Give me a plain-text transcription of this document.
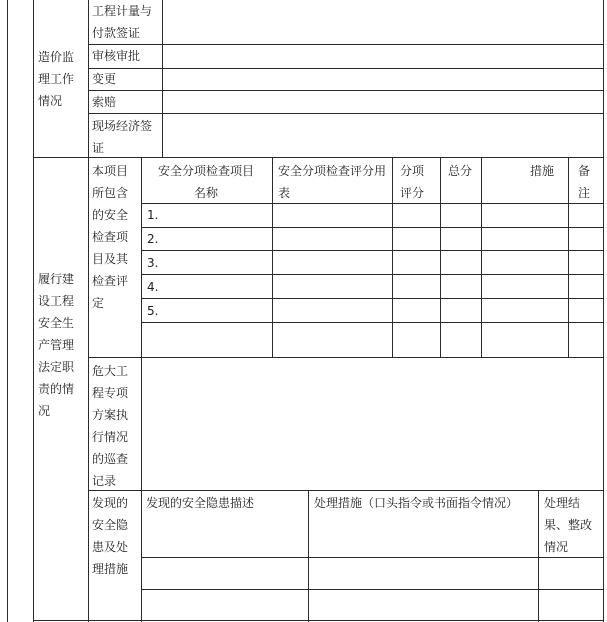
造价监
理工作
情况
工程计量与
付款签证
审核审批
变更
索赔
现场经济签
证
履行建
设工程
安全生
产管理
法定职
责的情
况
本项目
所包含
的安全
检查项
目及其
检查评
定
安全分项检查项目
名称
安全分项检查评分用
表
分项
评分
总分	措施 备
注
1.
2.
3.
4.
5.
危大工
程专项
方案执
行情况
的巡查
记录
发现的
安全隐
患及处
理措施
发现的安全隐患描述	处理措施（口头指令或书面指令情况） 处理结
果、整改
情况
